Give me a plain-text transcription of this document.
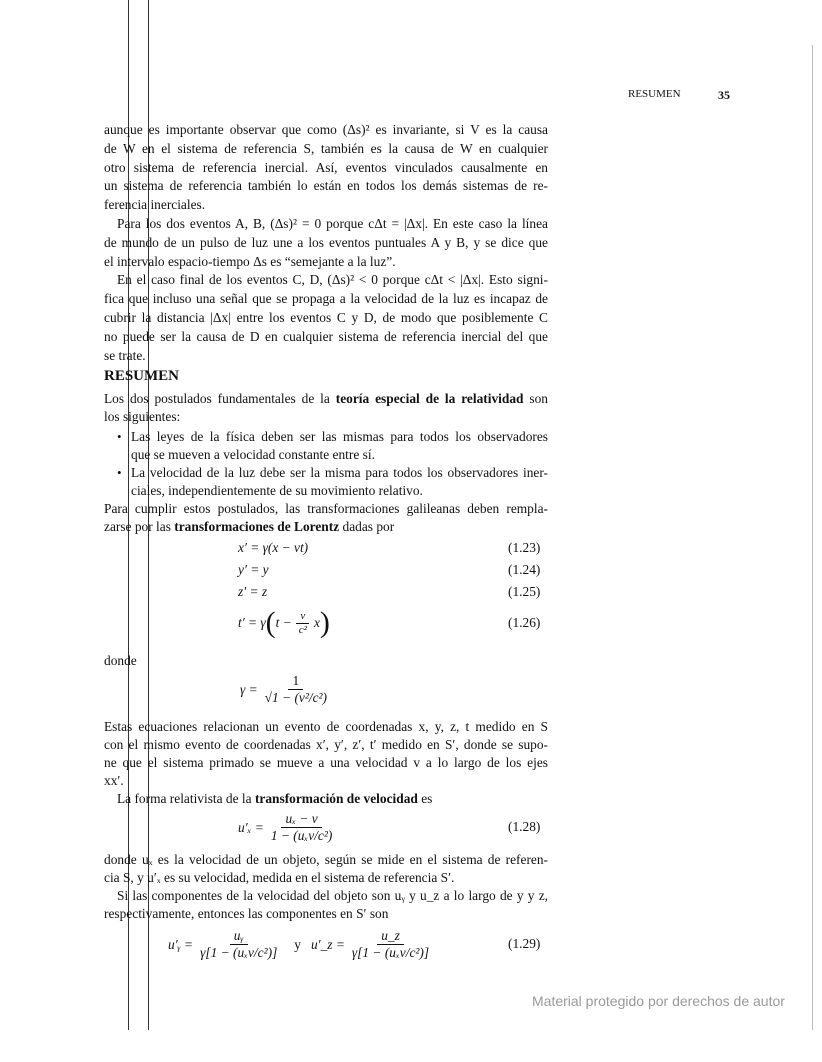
RESUMEN	35
aunque es importante observar que como (Δs)² es invariante, si V es la causa
de W en el sistema de referencia S, también es la causa de W en cualquier
otro sistema de referencia inercial. Así, eventos vinculados causalmente en
un sistema de referencia también lo están en todos los demás sistemas de re-
ferencia inerciales.
Para los dos eventos A, B, (Δs)² = 0 porque cΔt = |Δx|. En este caso la línea
de mundo de un pulso de luz une a los eventos puntuales A y B, y se dice que
el intervalo espacio-tiempo Δs es “semejante a la luz”.
En el caso final de los eventos C, D, (Δs)² < 0 porque cΔt < |Δx|. Esto signi-
fica que incluso una señal que se propaga a la velocidad de la luz es incapaz de
cubrir la distancia |Δx| entre los eventos C y D, de modo que posiblemente C
no puede ser la causa de D en cualquier sistema de referencia inercial del que
se trate.
RESUMEN
Los dos postulados fundamentales de la teoría especial de la relatividad son
los siguientes:
• Las leyes de la física deben ser las mismas para todos los observadores
que se mueven a velocidad constante entre sí.
• La velocidad de la luz debe ser la misma para todos los observadores iner-
ciales, independientemente de su movimiento relativo.
Para cumplir estos postulados, las transformaciones galileanas deben rempla-
zarse por las transformaciones de Lorentz dadas por
x′ = γ(x − vt)	(1.23)
y′ = y	(1.24)
z′ = z	(1.25)
t′ = γ ( $t - \frac{v}{\text{c²}}$ x )	(1.26)
donde
$\gamma = \frac{1}{\text{√1 − (v²/c²)}}$
Estas ecuaciones relacionan un evento de coordenadas x, y, z, t medido en S
con el mismo evento de coordenadas x′, y′, z′, t′ medido en S′, donde se supo-
ne que el sistema primado se mueve a una velocidad v a lo largo de los ejes
xx′.
La forma relativista de la transformación de velocidad es
$u'_x = \frac{\text{uₓ − v}}{\text{1 − (uₓv/c²)}}$	(1.28)
donde uₓ es la velocidad de un objeto, según se mide en el sistema de referen-
cia S, y u′ₓ es su velocidad, medida en el sistema de referencia S′.
Si las componentes de la velocidad del objeto son uᵧ y u_z a lo largo de y y z,
respectivamente, entonces las componentes en S′ son
u′ᵧ = $\frac{\text{uᵧ}}{\text{γ[1 − (uₓv/c²)]}}$ y u′_z = $\frac{u\_z}{\text{γ[1 − (uₓv/c²)]}}$	(1.29)
Material protegido por derechos de autor
